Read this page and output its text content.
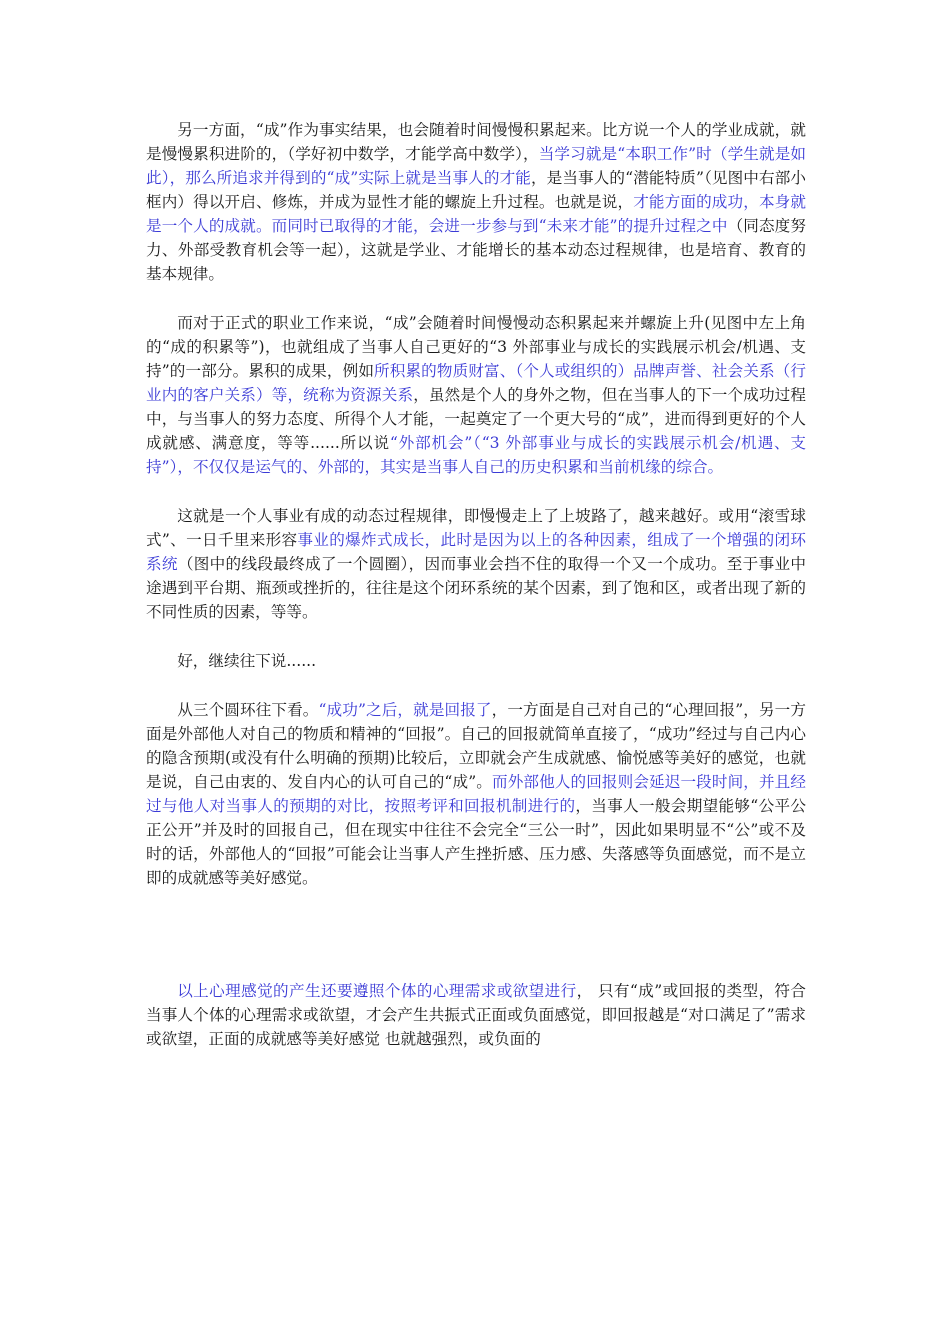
另一方面，“成”作为事实结果，也会随着时间慢慢积累起来。比方说一个人的学业成就，就是慢慢累积进阶的，（学好初中数学，才能学高中数学），当学习就是“本职工作”时（学生就是如此），那么所追求并得到的“成”实际上就是当事人的才能，是当事人的“潜能特质”（见图中右部小框内）得以开启、修炼，并成为显性才能的螺旋上升过程。也就是说，才能方面的成功，本身就是一个人的成就。而同时已取得的才能，会进一步参与到“未来才能”的提升过程之中（同态度努力、外部受教育机会等一起），这就是学业、才能增长的基本动态过程规律，也是培育、教育的基本规律。

而对于正式的职业工作来说，“成”会随着时间慢慢动态积累起来并螺旋上升(见图中左上角的“成的积累等”)，也就组成了当事人自己更好的“3 外部事业与成长的实践展示机会/机遇、支持”的一部分。累积的成果，例如所积累的物质财富、（个人或组织的）品牌声誉、社会关系（行业内的客户关系）等，统称为资源关系，虽然是个人的身外之物，但在当事人的下一个成功过程中，与当事人的努力态度、所得个人才能，一起奠定了一个更大号的“成”，进而得到更好的个人成就感、满意度，等等......所以说“外部机会”（“3 外部事业与成长的实践展示机会/机遇、支持”），不仅仅是运气的、外部的，其实是当事人自己的历史积累和当前机缘的综合。

这就是一个人事业有成的动态过程规律，即慢慢走上了上坡路了，越来越好。或用“滚雪球式”、一日千里来形容事业的爆炸式成长，此时是因为以上的各种因素，组成了一个增强的闭环系统（图中的线段最终成了一个圆圈），因而事业会挡不住的取得一个又一个成功。至于事业中途遇到平台期、瓶颈或挫折的，往往是这个闭环系统的某个因素，到了饱和区，或者出现了新的不同性质的因素，等等。

好，继续往下说......

从三个圆环往下看。“成功”之后，就是回报了，一方面是自己对自己的“心理回报”，另一方面是外部他人对自己的物质和精神的“回报”。自己的回报就简单直接了，“成功”经过与自己内心的隐含预期(或没有什么明确的预期)比较后，立即就会产生成就感、愉悦感等美好的感觉，也就是说，自己由衷的、发自内心的认可自己的“成”。而外部他人的回报则会延迟一段时间，并且经过与他人对当事人的预期的对比，按照考评和回报机制进行的，当事人一般会期望能够“公平公正公开”并及时的回报自己，但在现实中往往不会完全“三公一时”，因此如果明显不“公”或不及时的话，外部他人的“回报”可能会让当事人产生挫折感、压力感、失落感等负面感觉，而不是立即的成就感等美好感觉。

以上心理感觉的产生还要遵照个体的心理需求或欲望进行， 只有“成”或回报的类型，符合当事人个体的心理需求或欲望，才会产生共振式正面或负面感觉，即回报越是“对口满足了”需求或欲望，正面的成就感等美好感觉 也就越强烈，或负面的
